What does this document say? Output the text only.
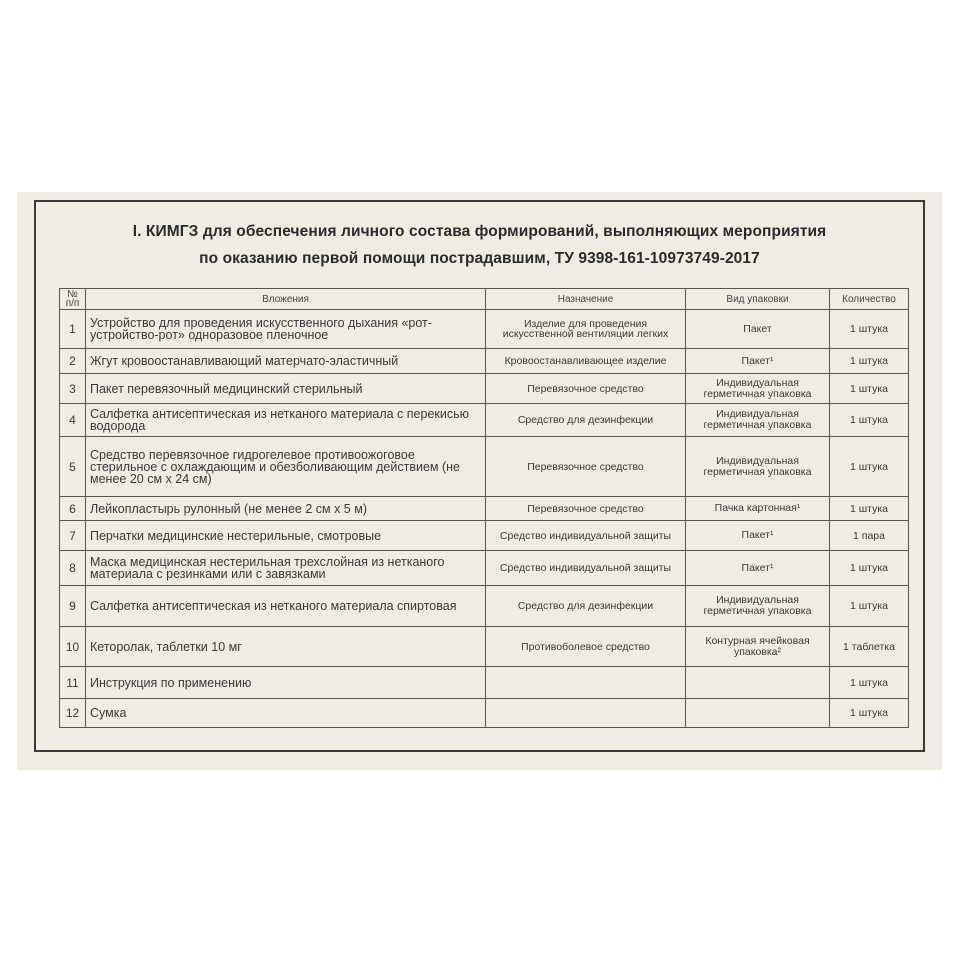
I. КИМГЗ для обеспечения личного состава формирований, выполняющих мероприятия
по оказанию первой помощи пострадавшим, ТУ 9398-161-10973749-2017
№ п/п	Вложения	Назначение	Вид упаковки	Количество
1	Устройство для проведения искусственного дыхания «рот-устройство-рот» одноразовое пленочное	Изделие для проведения искусственной вентиляции легких	Пакет	1 штука
2	Жгут кровоостанавливающий матерчато-эластичный	Кровоостанавливающее изделие	Пакет¹	1 штука
3	Пакет перевязочный медицинский стерильный	Перевязочное средство	Индивидуальная герметичная упаковка	1 штука
4	Салфетка антисептическая из нетканого материала с перекисью водорода	Средство для дезинфекции	Индивидуальная герметичная упаковка	1 штука
5	Средство перевязочное гидрогелевое противоожоговое стерильное с охлаждающим и обезболивающим действием (не менее 20 см х 24 см)	Перевязочное средство	Индивидуальная герметичная упаковка	1 штука
6	Лейкопластырь рулонный (не менее 2 см х 5 м)	Перевязочное средство	Пачка картонная¹	1 штука
7	Перчатки медицинские нестерильные, смотровые	Средство индивидуальной защиты	Пакет¹	1 пара
8	Маска медицинская нестерильная трехслойная из нетканого материала с резинками или с завязками	Средство индивидуальной защиты	Пакет¹	1 штука
9	Салфетка антисептическая из нетканого материала спиртовая	Средство для дезинфекции	Индивидуальная герметичная упаковка	1 штука
10	Кеторолак, таблетки 10 мг	Противоболевое средство	Контурная ячейковая упаковка²	1 таблетка
11	Инструкция по применению			1 штука
12	Сумка			1 штука
